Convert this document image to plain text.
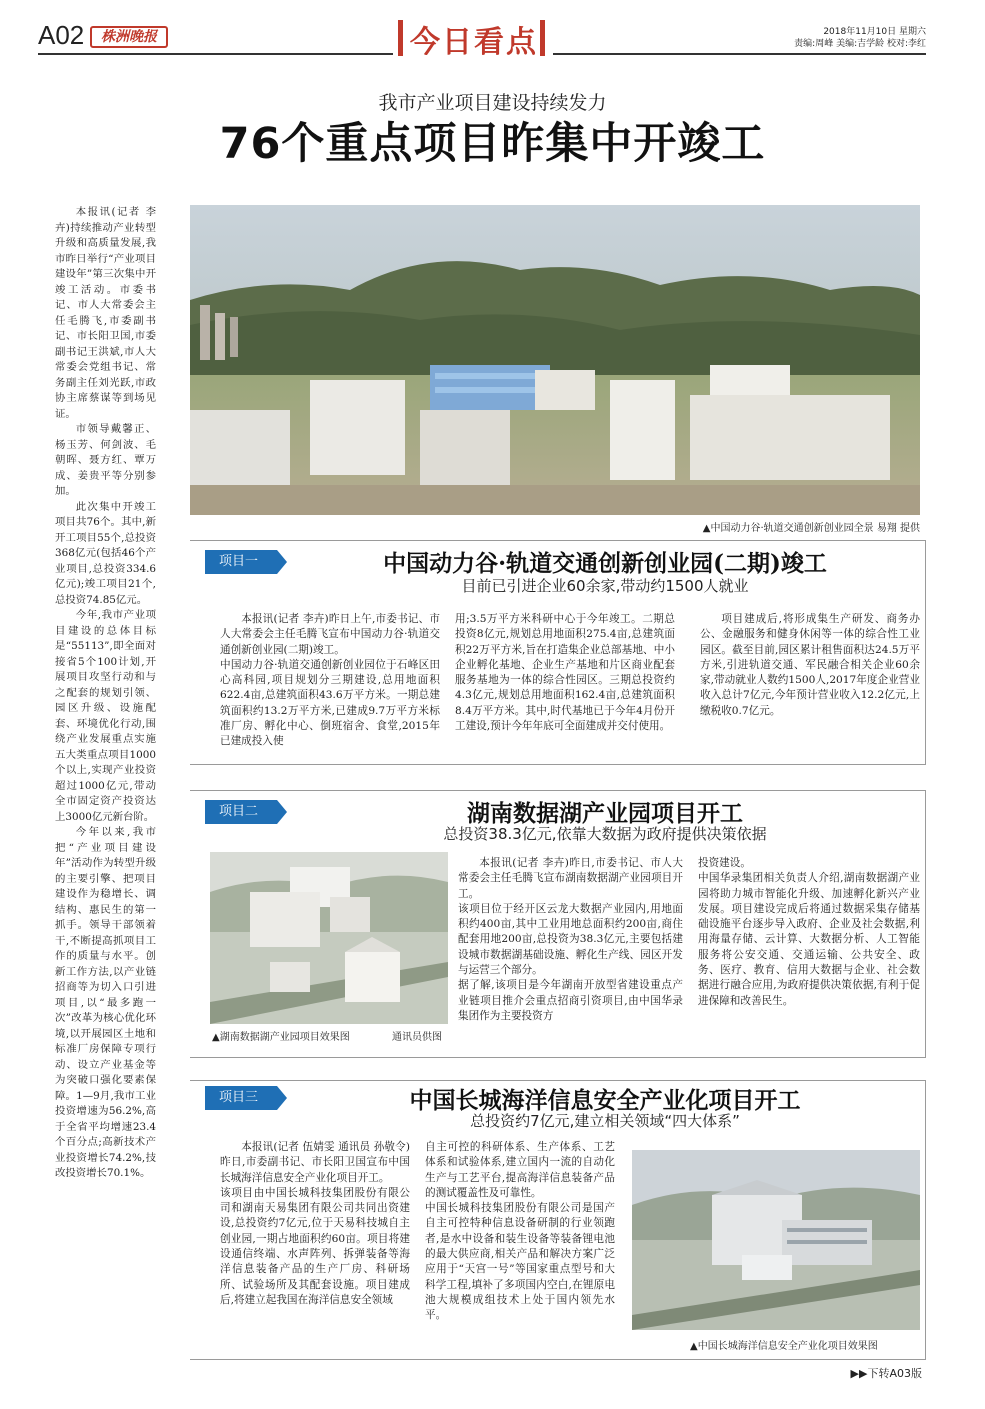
A02	株洲晚报	今日看点	2018年11月10日 星期六
责编:周峰 美编:吉学龄 校对:李红
我市产业项目建设持续发力
76个重点项目昨集中开竣工

本报讯(记者 李卉)持续推动产业转型升级和高质量发展,我市昨日举行“产业项目建设年”第三次集中开竣工活动。市委书记、市人大常委会主任毛腾飞,市委副书记、市长阳卫国,市委副书记王洪斌,市人大常委会党组书记、常务副主任刘光跃,市政协主席蔡谋等到场见证。

市领导戴馨正、杨玉芳、何剑波、毛朝晖、聂方红、覃万成、姜贵平等分别参加。

此次集中开竣工项目共76个。其中,新开工项目55个,总投资368亿元(包括46个产业项目,总投资334.6亿元);竣工项目21个,总投资74.85亿元。

今年,我市产业项目建设的总体目标是“55113”,即全面对接省5个100计划,开展项目攻坚行动和与之配套的规划引领、园区升级、设施配套、环境优化行动,围绕产业发展重点实施五大类重点项目1000个以上,实现产业投资超过1000亿元,带动全市固定资产投资达上3000亿元新台阶。

今年以来,我市把“产业项目建设年”活动作为转型升级的主要引擎、把项目建设作为稳增长、调结构、惠民生的第一抓手。领导干部领着干,不断提高抓项目工作的质量与水平。创新工作方法,以产业链招商等为切入口引进项目,以“最多跑一次”改革为核心优化环境,以开展园区土地和标准厂房保障专项行动、设立产业基金等为突破口强化要素保障。1—9月,我市工业投资增速为56.2%,高于全省平均增速23.4个百分点;高新技术产业投资增长74.2%,技改投资增长70.1%。

▲中国动力谷·轨道交通创新创业园全景 易翔 提供
项目一	中国动力谷·轨道交通创新创业园(二期)竣工
目前已引进企业60余家,带动约1500人就业
本报讯(记者 李卉)昨日上午,市委书记、市人大常委会主任毛腾飞宣布中国动力谷·轨道交通创新创业园(二期)竣工。
中国动力谷·轨道交通创新创业园位于石峰区田心高科园,项目规划分三期建设,总用地面积622.4亩,总建筑面积43.6万平方米。一期总建筑面积约13.2万平方米,已建成9.7万平方米标准厂房、孵化中心、倒班宿舍、食堂,2015年已建成投入使
用;3.5万平方米科研中心于今年竣工。二期总投资8亿元,规划总用地面积275.4亩,总建筑面积22万平方米,旨在打造集企业总部基地、中小企业孵化基地、企业生产基地和片区商业配套服务基地为一体的综合性园区。三期总投资约4.3亿元,规划总用地面积162.4亩,总建筑面积8.4万平方米。其中,时代基地已于今年4月份开工建设,预计今年年底可全面建成并交付使用。
项目建成后,将形成集生产研发、商务办公、金融服务和健身休闲等一体的综合性工业园区。截至目前,园区累计租售面积达24.5万平方米,引进轨道交通、军民融合相关企业60余家,带动就业人数约1500人,2017年度企业营业收入总计7亿元,今年预计营业收入12.2亿元,上缴税收0.7亿元。
项目二	湖南数据湖产业园项目开工
总投资38.3亿元,依靠大数据为政府提供决策依据
▲湖南数据湖产业园项目效果图	通讯员供图
本报讯(记者 李卉)昨日,市委书记、市人大常委会主任毛腾飞宣布湖南数据湖产业园项目开工。
该项目位于经开区云龙大数据产业园内,用地面积约400亩,其中工业用地总面积约200亩,商住配套用地200亩,总投资为38.3亿元,主要包括建设城市数据湖基础设施、孵化生产线、园区开发与运营三个部分。
据了解,该项目是今年湖南开放型省建设重点产业链项目推介会重点招商引资项目,由中国华录集团作为主要投资方
投资建设。
中国华录集团相关负责人介绍,湖南数据湖产业园将助力城市智能化升级、加速孵化新兴产业发展。项目建设完成后将通过数据采集存储基础设施平台逐步导入政府、企业及社会数据,利用海量存储、云计算、大数据分析、人工智能服务将公安交通、交通运输、公共安全、政务、医疗、教育、信用大数据与企业、社会数据进行融合应用,为政府提供决策依据,有利于促进保障和改善民生。
项目三	中国长城海洋信息安全产业化项目开工
总投资约7亿元,建立相关领域“四大体系”
本报讯(记者 伍婧雯 通讯员 孙敬令)昨日,市委副书记、市长阳卫国宣布中国长城海洋信息安全产业化项目开工。
该项目由中国长城科技集团股份有限公司和湖南天易集团有限公司共同出资建设,总投资约7亿元,位于天易科技城自主创业园,一期占地面积约60亩。项目将建设通信终端、水声阵列、拆弹装备等海洋信息装备产品的生产厂房、科研场所、试验场所及其配套设施。项目建成后,将建立起我国在海洋信息安全领域
自主可控的科研体系、生产体系、工艺体系和试验体系,建立国内一流的自动化生产与工艺平台,提高海洋信息装备产品的测试覆盖性及可靠性。
中国长城科技集团股份有限公司是国产自主可控特种信息设备研制的行业领跑者,是水中设备和装生设备等装备锂电池的最大供应商,相关产品和解决方案广泛应用于“天宫一号”等国家重点型号和大科学工程,填补了多项国内空白,在锂原电池大规模成组技术上处于国内领先水平。
▲中国长城海洋信息安全产业化项目效果图
▶▶下转A03版
